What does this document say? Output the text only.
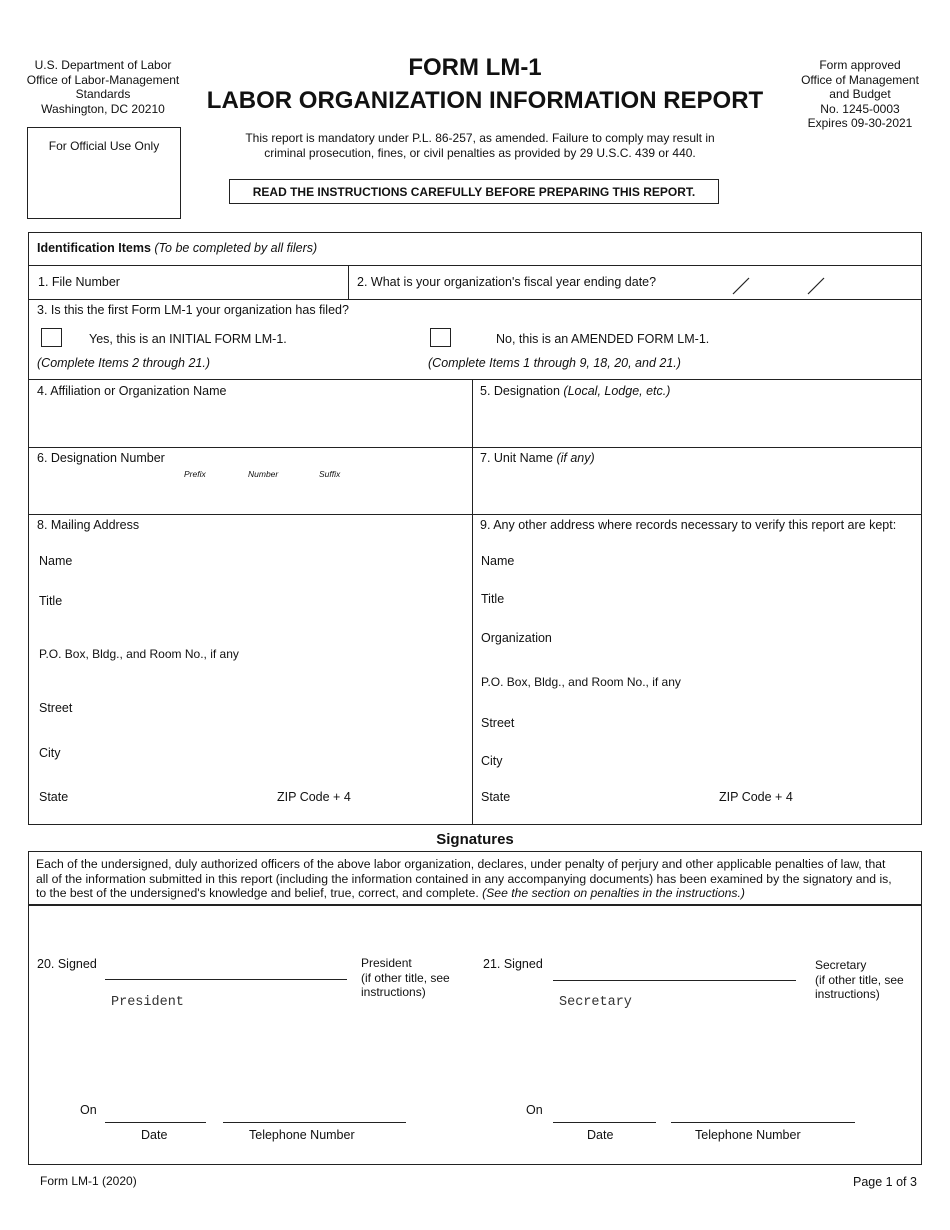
U.S. Department of Labor
Office of Labor-Management
Standards
Washington, DC 20210
FORM LM-1
LABOR ORGANIZATION INFORMATION REPORT
Form approved
Office of Management
and Budget
No. 1245-0003
Expires 09-30-2021
For Official Use Only
This report is mandatory under P.L. 86-257, as amended. Failure to comply may result in
criminal prosecution, fines, or civil penalties as provided by 29 U.S.C. 439 or 440.
READ THE INSTRUCTIONS CAREFULLY BEFORE PREPARING THIS REPORT.
Identification Items (To be completed by all filers)
1. File Number	2. What is your organization's fiscal year ending date?
3. Is this the first Form LM-1 your organization has filed?
Yes, this is an INITIAL FORM LM-1.
(Complete Items 2 through 21.)
No, this is an AMENDED FORM LM-1.
(Complete Items 1 through 9, 18, 20, and 21.)
4. Affiliation or Organization Name	5. Designation (Local, Lodge, etc.)
6. Designation Number
Prefix	Number	Suffix
7. Unit Name (if any)
8. Mailing Address
Name
Title
P.O. Box, Bldg., and Room No., if any
Street
City
State	ZIP Code + 4
9. Any other address where records necessary to verify this report are kept:
Name
Title
Organization
P.O. Box, Bldg., and Room No., if any
Street
City
State	ZIP Code + 4
Signatures
Each of the undersigned, duly authorized officers of the above labor organization, declares, under penalty of perjury and other applicable penalties of law, that
all of the information submitted in this report (including the information contained in any accompanying documents) has been examined by the signatory and is,
to the best of the undersigned's knowledge and belief, true, correct, and complete. (See the section on penalties in the instructions.)
20. Signed
President
President
(if other title, see
instructions)
21. Signed
Secretary
Secretary
(if other title, see
instructions)
On
Date	Telephone Number
On
Date	Telephone Number
Form LM-1 (2020)	Page 1 of 3
